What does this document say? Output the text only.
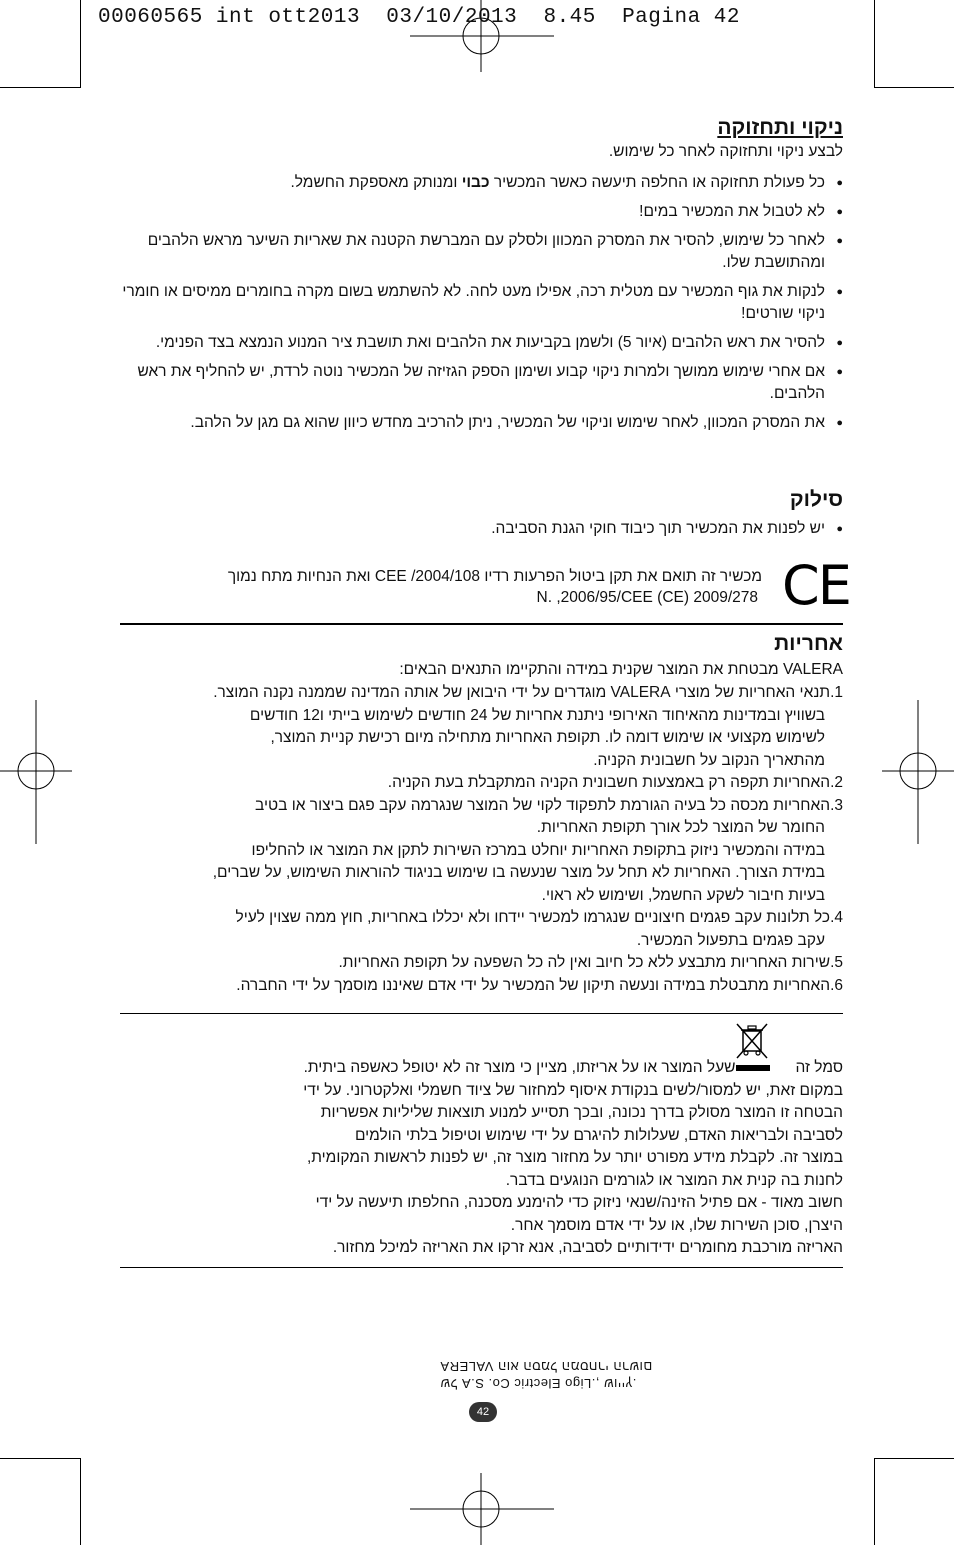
00060565 int ott2013  03/10/2013  8.45  Pagina 42

ניקוי ותחזוקה

לבצע ניקוי ותחזוקה לאחר כל שימוש.

● כל פעולת תחזוקה או החלפה תיעשה כאשר המכשיר כבוי ומנותק מאספקת החשמל.

● לא לטבול את המכשיר במים!

● לאחר כל שימוש, להסיר את המסרק המכוון ולסלק עם המברשת הקטנה את שאריות השיער מראש הלהבים ומהתושבת שלו.

● לנקות את גוף המכשיר עם מטלית רכה, אפילו מעט לחה. לא להשתמש בשום מקרה בחומרים ממיסים או חומרי ניקוי שורטים!

● להסיר את ראש הלהבים (איור 5) ולשמן בקביעות את הלהבים ואת תושבת ציר המנוע הנמצא בצד הפנימי.

● אם אחרי שימוש ממושך ולמרות ניקוי קבוע ושימון הספק הגזיזה של המכשיר נוטה לרדת, יש להחליף את ראש הלהבים.

● את המסרק המכוון, לאחר שימוש וניקוי של המכשיר, ניתן להרכיב מחדש כיוון שהוא גם מגן על הלהב.

סילוק

● יש לפנות את המכשיר תוך כיבוד חוקי הגנת הסביבה.

מכשיר זה תואם את תקן ביטול הפרעות רדיו 2004/108/ CEE ואת הנחיות מתח נמוך
2009/278 (CE) N. ,2006/95/CEE CE

אחריות

VALERA מבטחת את המוצר שקנית במידה והתקיימו התנאים הבאים:

1.תנאי האחריות של מוצרי VALERA מוגדרים על ידי היבואן של אותה המדינה שממנה נקנה המוצר.

בשוויץ ובמדינות מהאיחוד האירופי ניתנת אחריות של 24 חודשים לשימוש בייתי ו12 חודשים

לשימוש מקצועי או שימוש דומה לו. תקופת האחריות מתחילה מיום רכישת קניית המוצר,

מהתאריך הנקוב על חשבונית הקניה.

2.האחריות תקפה רק באמצעות חשבונית הקניה המתקבלת בעת הקניה.

3.האחריות מכסה כל בעיה הגורמת לתפקוד לקוי של המוצר שנגרמה עקב פגם ביצור או בטיב

החומר של המוצר לכל אורך תקופת האחריות.

במידה והמכשיר ניזוק בתקופת האחריות יוחלט במרכז השירות לתקן את המוצר או להחליפו

במידת הצורך. האחריות לא תחל על מוצר שנעשה בו שימוש בניגוד להוראות השימוש, על שברים,

בעיות חיבור לשקע החשמל, ושימוש לא ראוי.

4.כל תלונות עקב פגמים חיצוניים שנגרמו למכשיר יידחו ולא יכללו באחריות, חוץ ממה שצוין לעיל

עקב פגמים בתפעול המכשיר.

5.שירות האחריות מתבצע ללא כל חיוב ואין לה כל השפעה על תקופת האחריות.

6.האחריות מתבטלת במידה ונעשה תיקון של המכשיר על ידי אדם שאיננו מוסמך על ידי החברה.

סמל זהשעל המוצר או על אריזתו, מציין כי מוצר זה לא יטופל כאשפה ביתית.

במקום זאת, יש למסור/לשים בנקודת איסוף למחזור של ציוד חשמלי ואלקטרוני. על ידי

הבטחה זו המוצר מסולק בדרך נכונה, ובכך תסייע למנוע תוצאות שליליות אפשריות

לסביבה ולבריאות האדם, שעלולות להיגרם על ידי שימוש וטיפול בלתי הולמים

במוצר זה. לקבלת מידע מפורט יותר על מחזור מוצר זה, יש לפנות לראשות המקומית,

לחנות בה קנית את המוצר או לגורמים הנוגעים בדבר.

חשוב מאוד - אם פתיל הזינה/שנאי ניזוק כדי להימנע מסכנה, החלפתו תיעשה על ידי

היצרן, סוכן השירות שלו, או על ידי אדם מוסמך אחר.

האריזה מורכבת מחומרים ידידותיים לסביבה, אנא זרקו את האריזה למיכל מחזור.

של Ligo Electric Co. S.A., שוייץ.
VALERA הוא הסמל המסחרי הרשום
42
